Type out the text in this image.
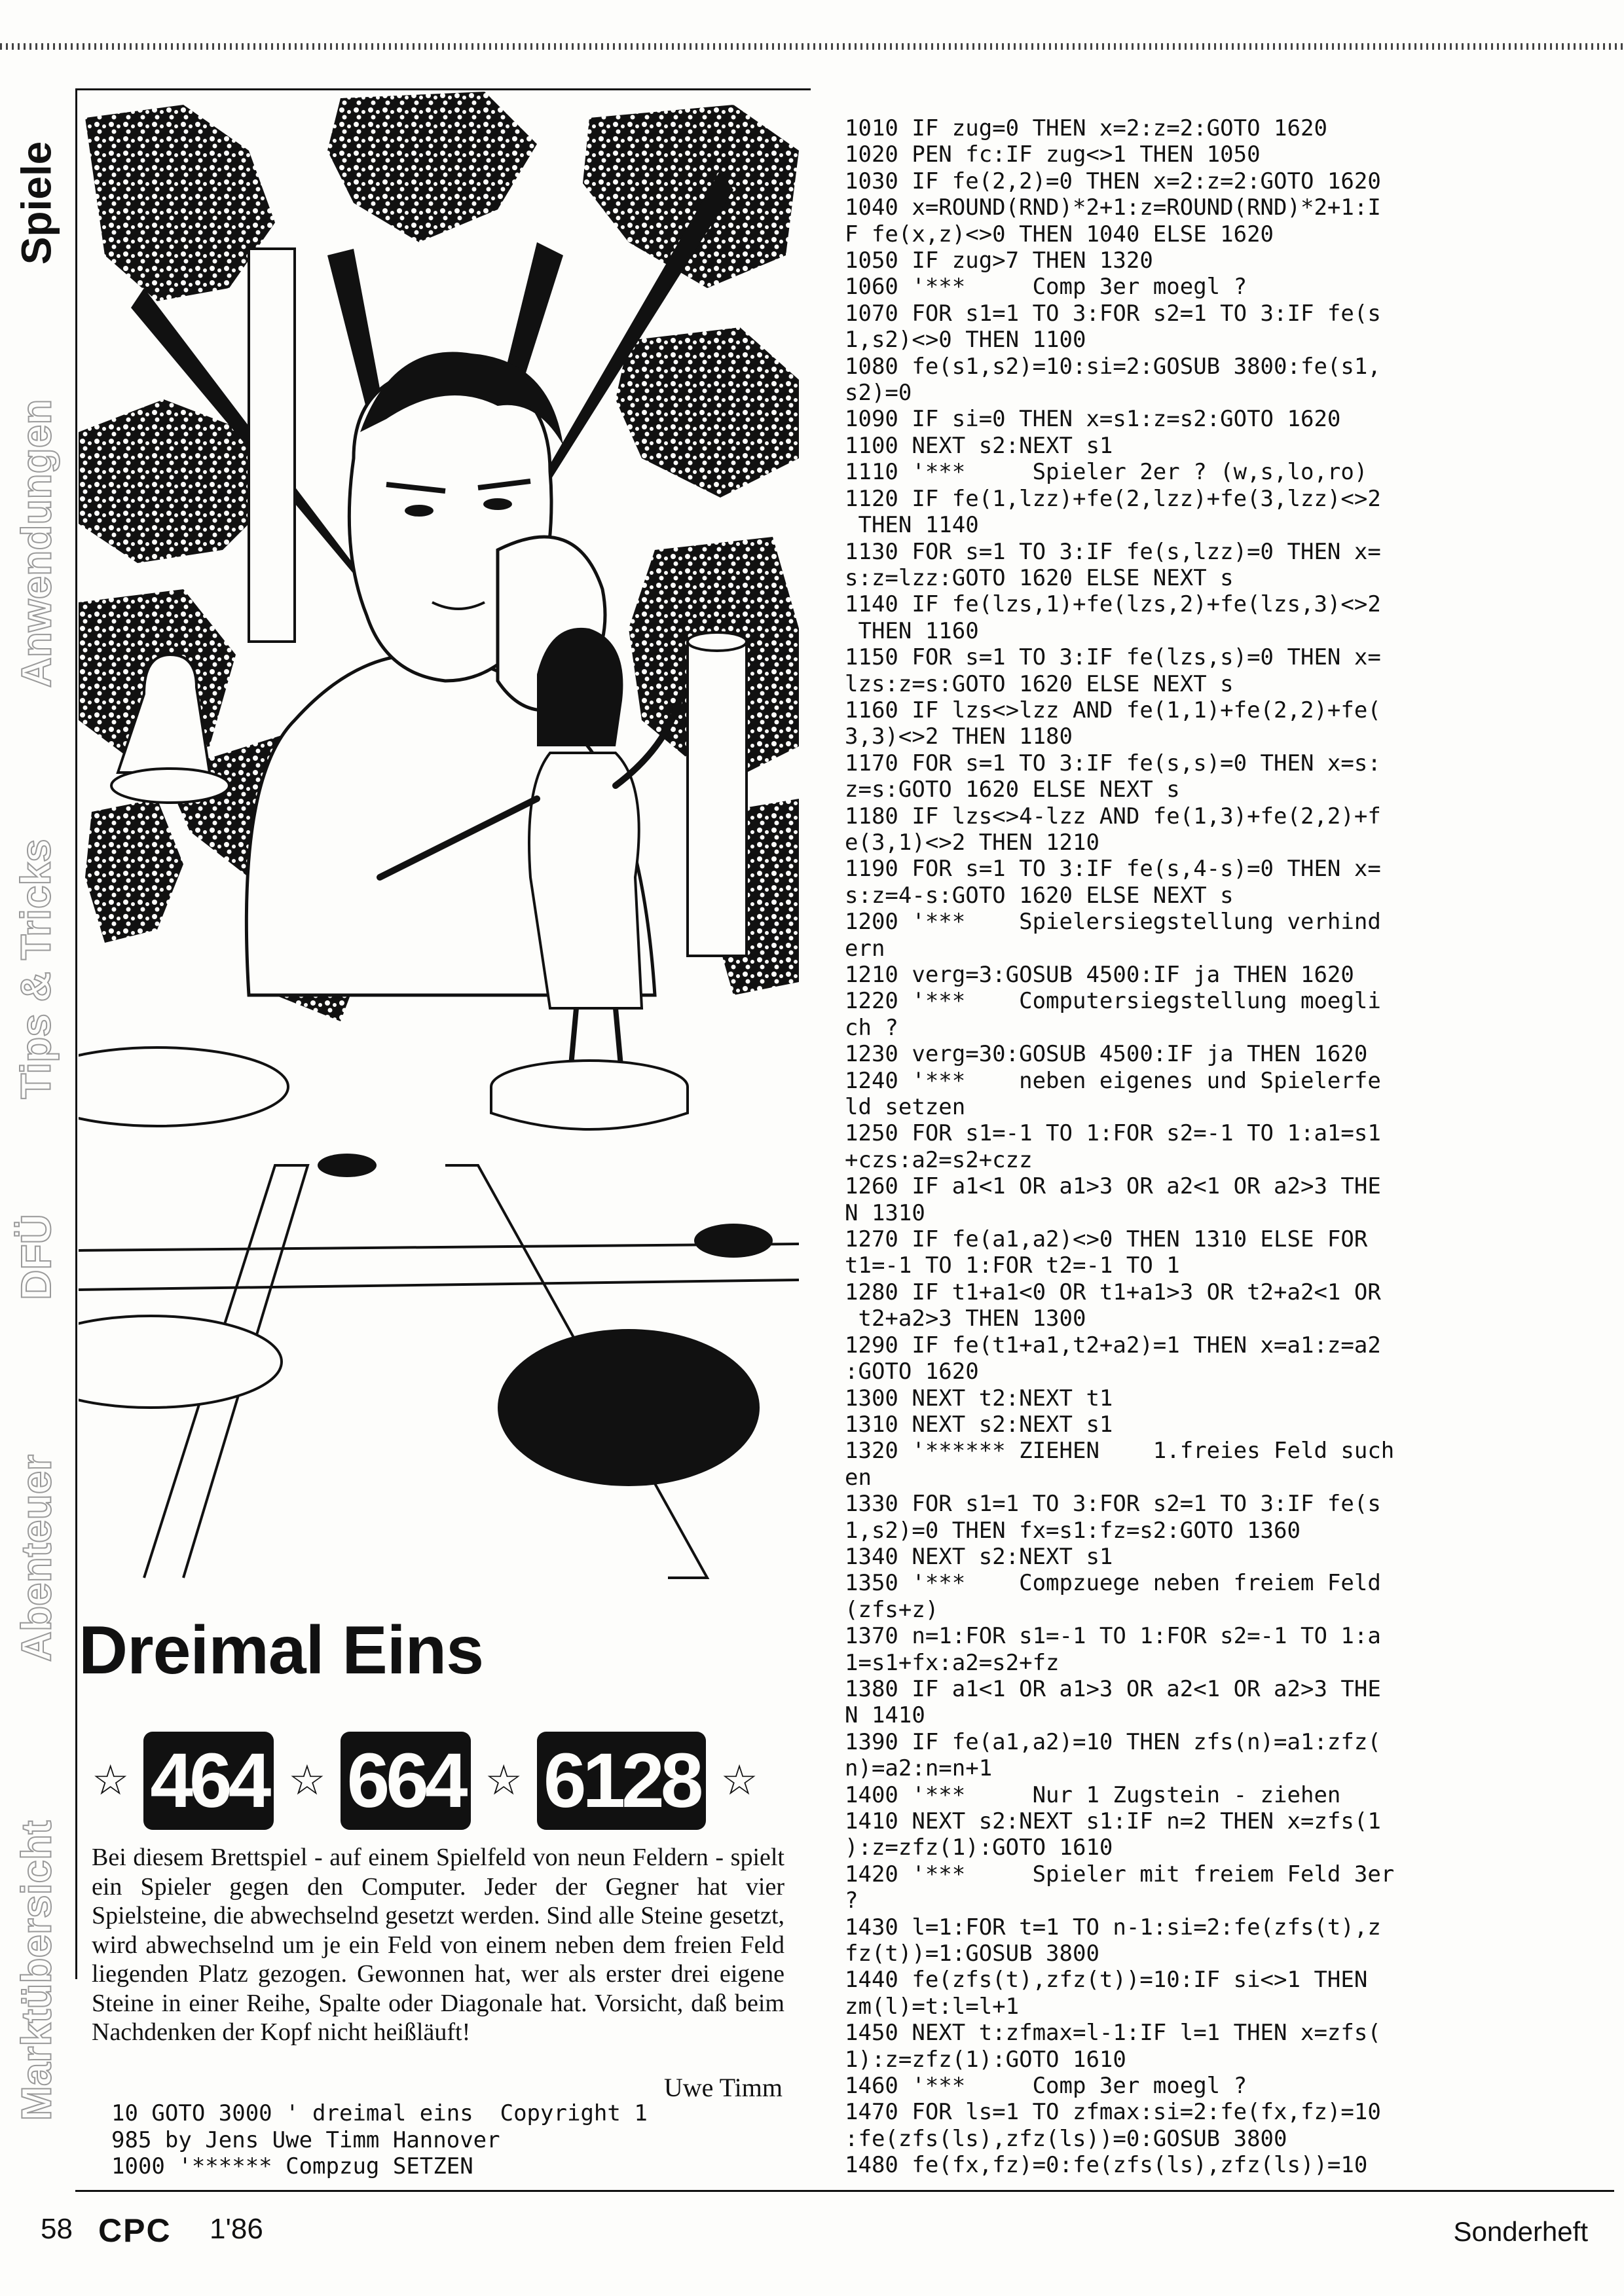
Spiele
Anwendungen
Tips & Tricks
DFÜ
Abenteuer
Marktübersicht
Dreimal Eins
☆ 464 ☆ 664 ☆ 6128 ☆

Bei diesem Brettspiel - auf einem Spielfeld von neun Feldern - spielt ein Spieler gegen den Computer. Jeder der Gegner hat vier Spielsteine, die abwechselnd gesetzt werden. Sind alle Steine gesetzt, wird abwechselnd um je ein Feld von einem neben dem freien Feld liegenden Platz gezogen. Gewonnen hat, wer als erster drei eigene Steine in einer Reihe, Spalte oder Diagonale hat. Vorsicht, daß beim Nachdenken der Kopf nicht heißläuft!

Uwe Timm
10 GOTO 3000 ' dreimal eins  Copyright 1
985 by Jens Uwe Timm Hannover
1000 '****** Compzug SETZEN
1010 IF zug=0 THEN x=2:z=2:GOTO 1620
1020 PEN fc:IF zug<>1 THEN 1050
1030 IF fe(2,2)=0 THEN x=2:z=2:GOTO 1620
1040 x=ROUND(RND)*2+1:z=ROUND(RND)*2+1:I
F fe(x,z)<>0 THEN 1040 ELSE 1620
1050 IF zug>7 THEN 1320
1060 '***     Comp 3er moegl ?
1070 FOR s1=1 TO 3:FOR s2=1 TO 3:IF fe(s
1,s2)<>0 THEN 1100
1080 fe(s1,s2)=10:si=2:GOSUB 3800:fe(s1,
s2)=0
1090 IF si=0 THEN x=s1:z=s2:GOTO 1620
1100 NEXT s2:NEXT s1
1110 '***     Spieler 2er ? (w,s,lo,ro)
1120 IF fe(1,lzz)+fe(2,lzz)+fe(3,lzz)<>2
THEN 1140
1130 FOR s=1 TO 3:IF fe(s,lzz)=0 THEN x=
s:z=lzz:GOTO 1620 ELSE NEXT s
1140 IF fe(lzs,1)+fe(lzs,2)+fe(lzs,3)<>2
THEN 1160
1150 FOR s=1 TO 3:IF fe(lzs,s)=0 THEN x=
lzs:z=s:GOTO 1620 ELSE NEXT s
1160 IF lzs<>lzz AND fe(1,1)+fe(2,2)+fe(
3,3)<>2 THEN 1180
1170 FOR s=1 TO 3:IF fe(s,s)=0 THEN x=s:
z=s:GOTO 1620 ELSE NEXT s
1180 IF lzs<>4-lzz AND fe(1,3)+fe(2,2)+f
e(3,1)<>2 THEN 1210
1190 FOR s=1 TO 3:IF fe(s,4-s)=0 THEN x=
s:z=4-s:GOTO 1620 ELSE NEXT s
1200 '***    Spielersiegstellung verhind
ern
1210 verg=3:GOSUB 4500:IF ja THEN 1620
1220 '***    Computersiegstellung moegli
ch ?
1230 verg=30:GOSUB 4500:IF ja THEN 1620
1240 '***    neben eigenes und Spielerfe
ld setzen
1250 FOR s1=-1 TO 1:FOR s2=-1 TO 1:a1=s1
+czs:a2=s2+czz
1260 IF a1<1 OR a1>3 OR a2<1 OR a2>3 THE
N 1310
1270 IF fe(a1,a2)<>0 THEN 1310 ELSE FOR
t1=-1 TO 1:FOR t2=-1 TO 1
1280 IF t1+a1<0 OR t1+a1>3 OR t2+a2<1 OR
t2+a2>3 THEN 1300
1290 IF fe(t1+a1,t2+a2)=1 THEN x=a1:z=a2
:GOTO 1620
1300 NEXT t2:NEXT t1
1310 NEXT s2:NEXT s1
1320 '****** ZIEHEN    1.freies Feld such
en
1330 FOR s1=1 TO 3:FOR s2=1 TO 3:IF fe(s
1,s2)=0 THEN fx=s1:fz=s2:GOTO 1360
1340 NEXT s2:NEXT s1
1350 '***    Compzuege neben freiem Feld
(zfs+z)
1370 n=1:FOR s1=-1 TO 1:FOR s2=-1 TO 1:a
1=s1+fx:a2=s2+fz
1380 IF a1<1 OR a1>3 OR a2<1 OR a2>3 THE
N 1410
1390 IF fe(a1,a2)=10 THEN zfs(n)=a1:zfz(
n)=a2:n=n+1
1400 '***     Nur 1 Zugstein - ziehen
1410 NEXT s2:NEXT s1:IF n=2 THEN x=zfs(1
):z=zfz(1):GOTO 1610
1420 '***     Spieler mit freiem Feld 3er
?
1430 l=1:FOR t=1 TO n-1:si=2:fe(zfs(t),z
fz(t))=1:GOSUB 3800
1440 fe(zfs(t),zfz(t))=10:IF si<>1 THEN
zm(l)=t:l=l+1
1450 NEXT t:zfmax=l-1:IF l=1 THEN x=zfs(
1):z=zfz(1):GOTO 1610
1460 '***     Comp 3er moegl ?
1470 FOR ls=1 TO zfmax:si=2:fe(fx,fz)=10
:fe(zfs(ls),zfz(ls))=0:GOSUB 3800
1480 fe(fx,fz)=0:fe(zfs(ls),zfz(ls))=10
58 CPC 1'86	Sonderheft
